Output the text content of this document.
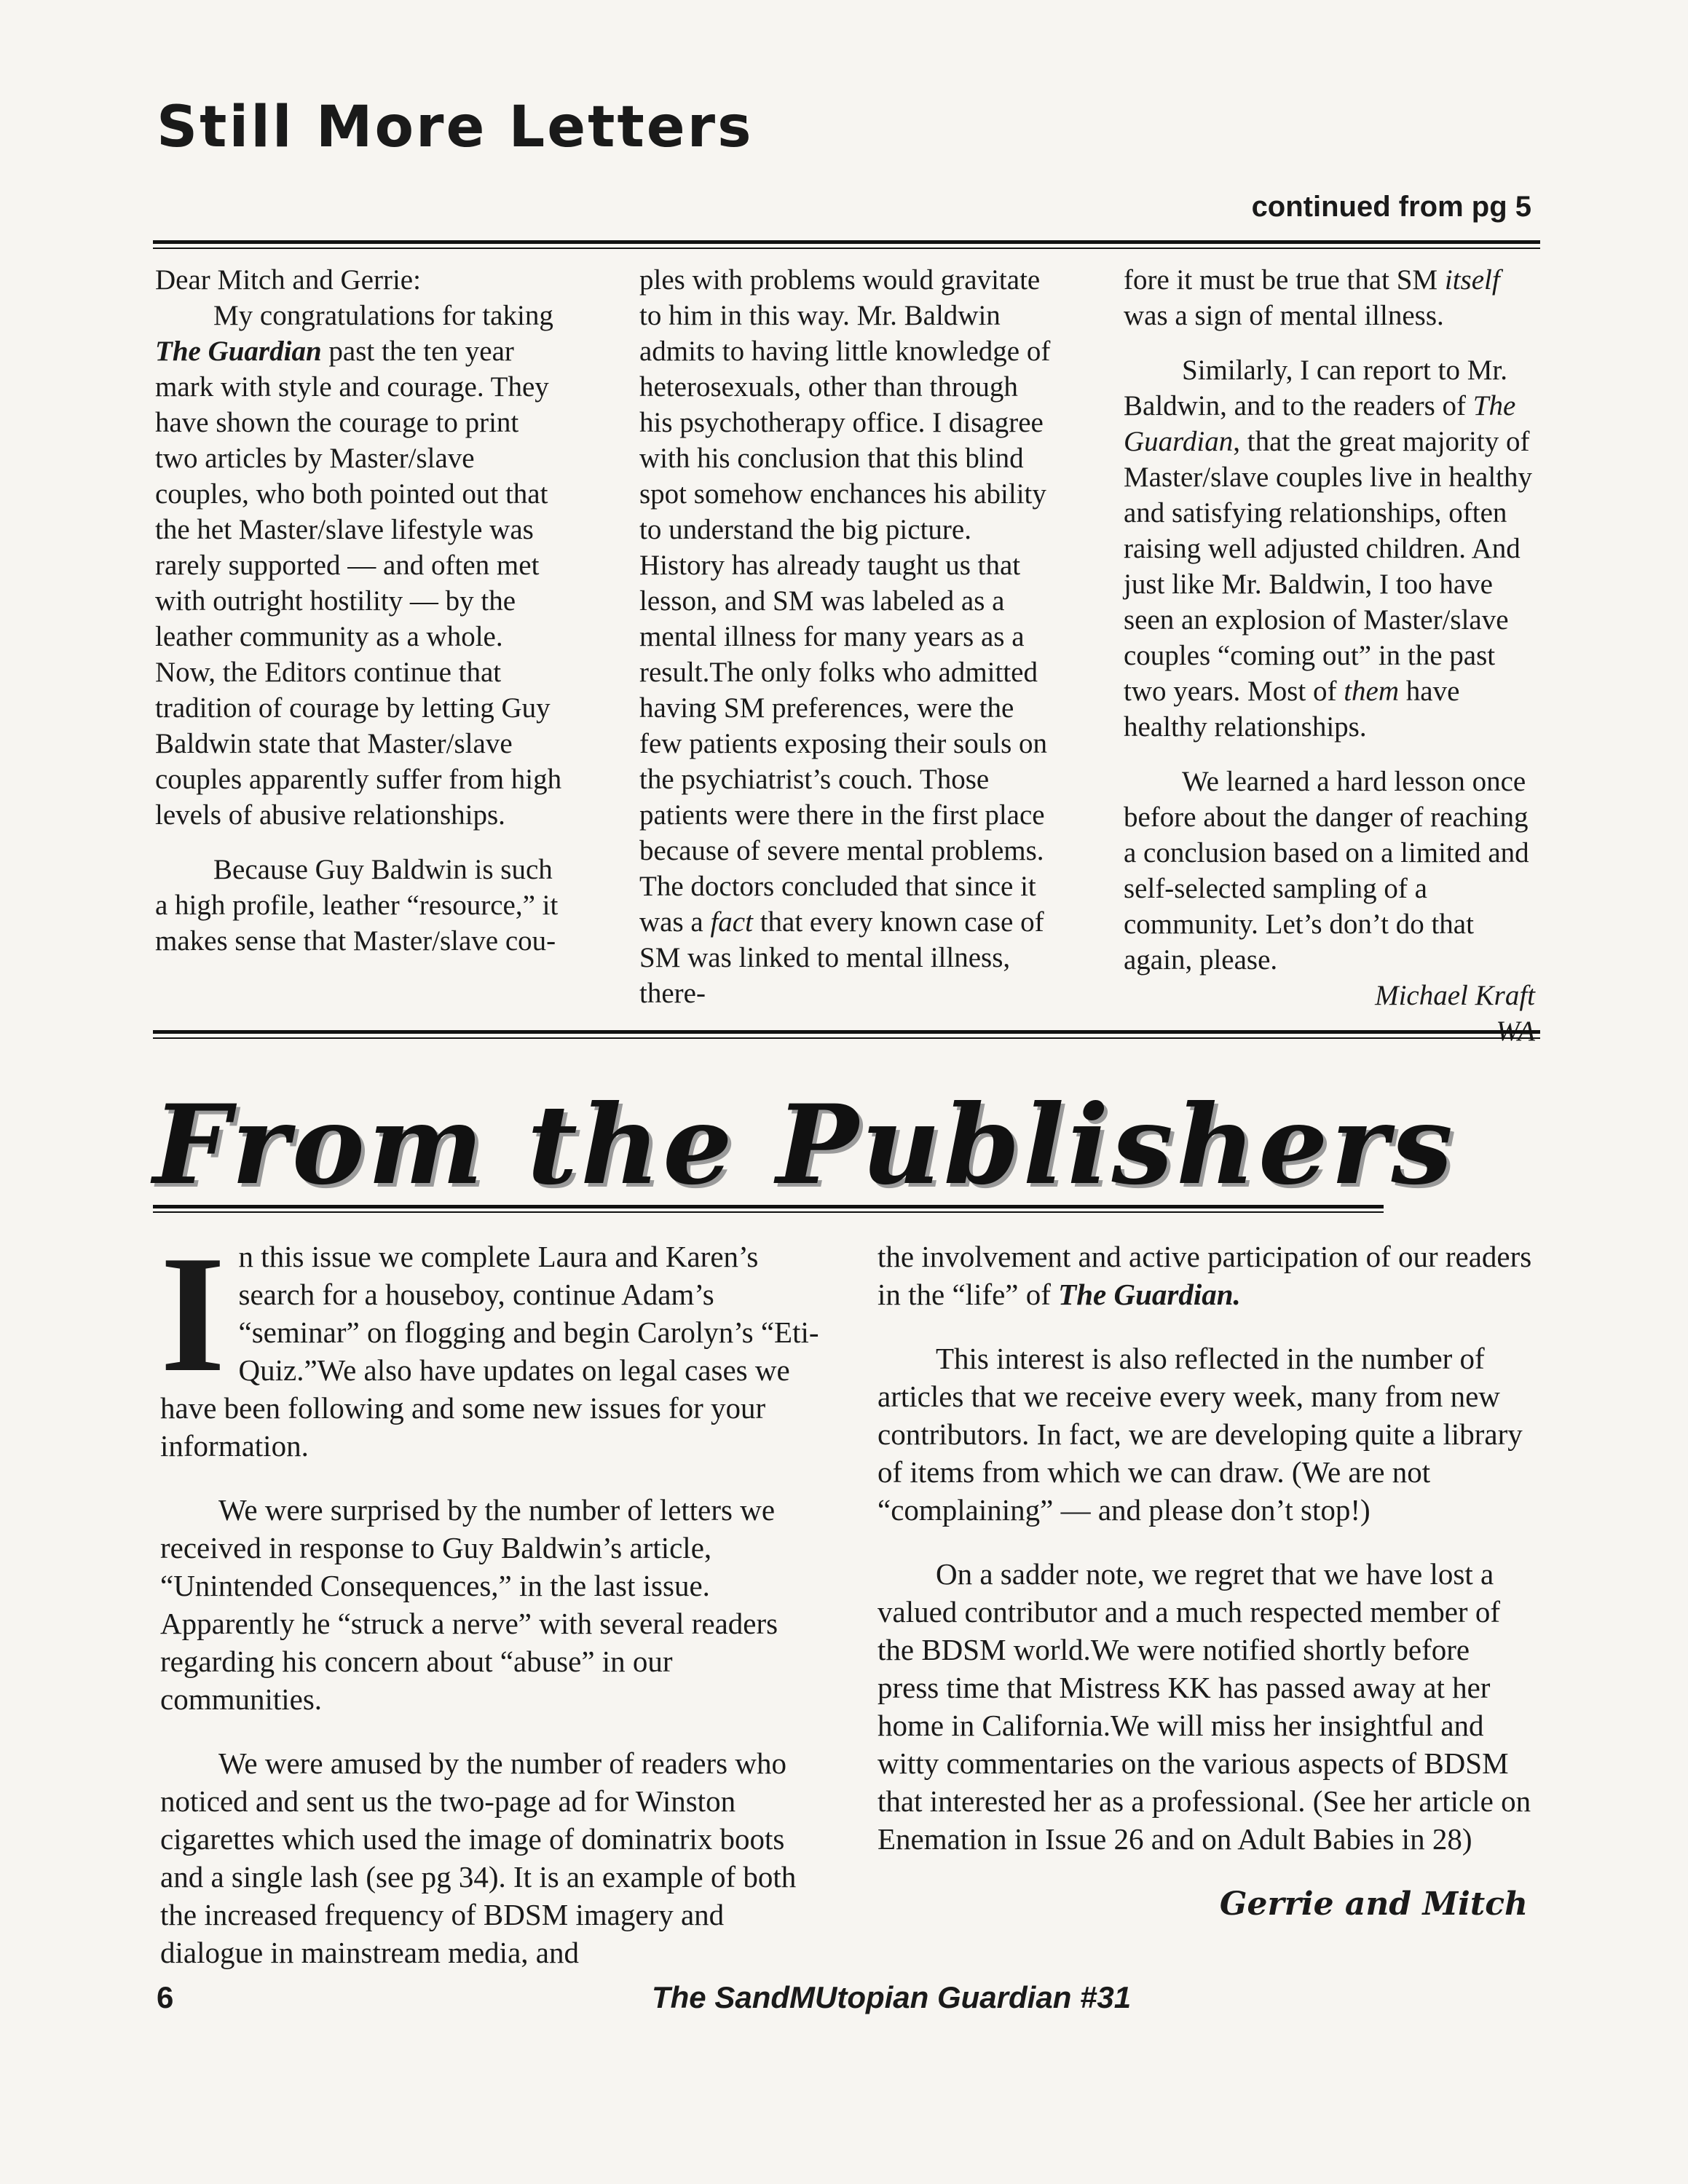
Still More Letters
continued from pg 5

Dear Mitch and Gerrie:

My congratulations for taking The Guardian past the ten year mark with style and courage. They have shown the courage to print two articles by Master/slave couples, who both pointed out that the het Master/slave lifestyle was rarely supported — and often met with outright hostility — by the leather community as a whole. Now, the Editors continue that tradition of courage by letting Guy Baldwin state that Master/slave couples apparently suffer from high levels of abusive relationships.

Because Guy Baldwin is such a high profile, leather “resource,” it makes sense that Master/slave cou-

ples with problems would gravitate to him in this way. Mr. Baldwin admits to having little knowledge of heterosexuals, other than through his psychotherapy office. I disagree with his conclusion that this blind spot somehow enchances his ability to understand the big picture. History has already taught us that lesson, and SM was labeled as a mental illness for many years as a result.The only folks who admitted having SM preferences, were the few patients exposing their souls on the psychiatrist’s couch. Those patients were there in the first place because of severe mental problems. The doctors concluded that since it was a fact that every known case of SM was linked to mental illness, there-

fore it must be true that SM itself was a sign of mental illness.

Similarly, I can report to Mr. Baldwin, and to the readers of The Guardian, that the great majority of Master/slave couples live in healthy and satisfying relationships, often raising well adjusted children. And just like Mr. Baldwin, I too have seen an explosion of Master/slave couples “coming out” in the past two years. Most of them have healthy relationships.

We learned a hard lesson once before about the danger of reaching a conclusion based on a limited and self-selected sampling of a community. Let’s don’t do that again, please.

Michael Kraft

WA

From the Publishers

In this issue we complete Laura and Karen’s search for a houseboy, continue Adam’s “seminar” on flogging and begin Carolyn’s “Eti-Quiz.”We also have updates on legal cases we have been following and some new issues for your information.

We were surprised by the number of letters we received in response to Guy Baldwin’s article, “Unintended Consequences,” in the last issue. Apparently he “struck a nerve” with several readers regarding his concern about “abuse” in our communities.

We were amused by the number of readers who noticed and sent us the two-page ad for Winston cigarettes which used the image of dominatrix boots and a single lash (see pg 34). It is an example of both the increased frequency of BDSM imagery and dialogue in mainstream media, and

the involvement and active participation of our readers in the “life” of The Guardian.

This interest is also reflected in the number of articles that we receive every week, many from new contributors. In fact, we are developing quite a library of items from which we can draw. (We are not “complaining” — and please don’t stop!)

On a sadder note, we regret that we have lost a valued contributor and a much respected member of the BDSM world.We were notified shortly before press time that Mistress KK has passed away at her home in California.We will miss her insightful and witty commentaries on the various aspects of BDSM that interested her as a professional. (See her article on Enemation in Issue 26 and on Adult Babies in 28)

Gerrie and Mitch
6	The SandMUtopian Guardian #31
